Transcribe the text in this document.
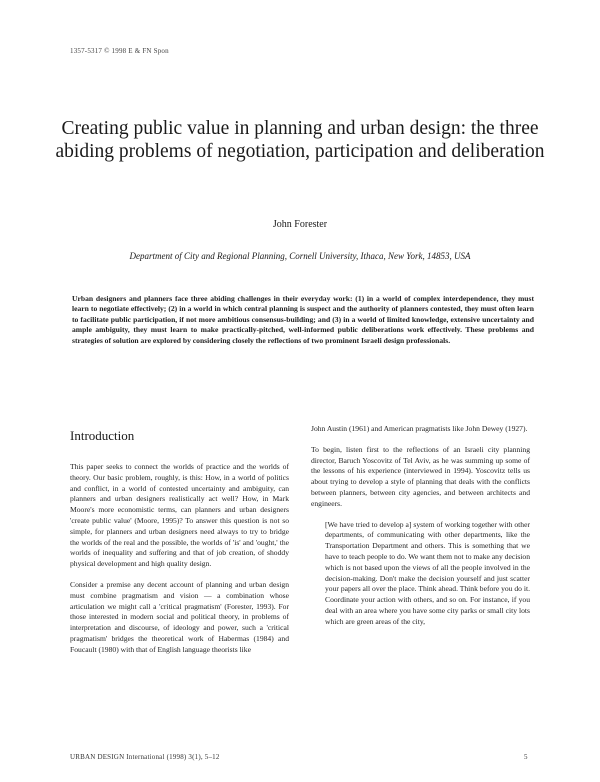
1357-5317 © 1998 E & FN Spon
Creating public value in planning and urban design: the three abiding problems of negotiation, participation and deliberation
John Forester
Department of City and Regional Planning, Cornell University, Ithaca, New York, 14853, USA

Urban designers and planners face three abiding challenges in their everyday work: (1) in a world of complex interdependence, they must learn to negotiate effectively; (2) in a world in which central planning is suspect and the authority of planners contested, they must often learn to facilitate public participation, if not more ambitious consensus-building; and (3) in a world of limited knowledge, extensive uncertainty and ample ambiguity, they must learn to make practically-pitched, well-informed public deliberations work effectively. These problems and strategies of solution are explored by considering closely the reflections of two prominent Israeli design professionals.

Introduction

This paper seeks to connect the worlds of practice and the worlds of theory. Our basic problem, roughly, is this: How, in a world of politics and conflict, in a world of contested uncertainty and ambiguity, can planners and urban designers realistically act well? How, in Mark Moore's more economistic terms, can planners and urban designers 'create public value' (Moore, 1995)? To answer this question is not so simple, for planners and urban designers need always to try to bridge the worlds of the real and the possible, the worlds of 'is' and 'ought,' the worlds of inequality and suffering and that of job creation, of shoddy physical development and high quality design.

Consider a premise any decent account of planning and urban design must combine pragmatism and vision — a combination whose articulation we might call a 'critical pragmatism' (Forester, 1993). For those interested in modern social and political theory, in problems of interpretation and discourse, of ideology and power, such a 'critical pragmatism' bridges the theoretical work of Habermas (1984) and Foucault (1980) with that of English language theorists like

John Austin (1961) and American pragmatists like John Dewey (1927).

To begin, listen first to the reflections of an Israeli city planning director, Baruch Yoscovitz of Tel Aviv, as he was summing up some of the lessons of his experience (interviewed in 1994). Yoscovitz tells us about trying to develop a style of planning that deals with the conflicts between planners, between city agencies, and between architects and engineers.

[We have tried to develop a] system of working together with other departments, of communicating with other departments, like the Transportation Department and others. This is something that we have to teach people to do. We want them not to make any decision which is not based upon the views of all the people involved in the decision-making. Don't make the decision yourself and just scatter your papers all over the place. Think ahead. Think before you do it. Coordinate your action with others, and so on. For instance, if you deal with an area where you have some city parks or small city lots which are green areas of the city,

URBAN DESIGN International (1998) 3(1), 5–12	5
